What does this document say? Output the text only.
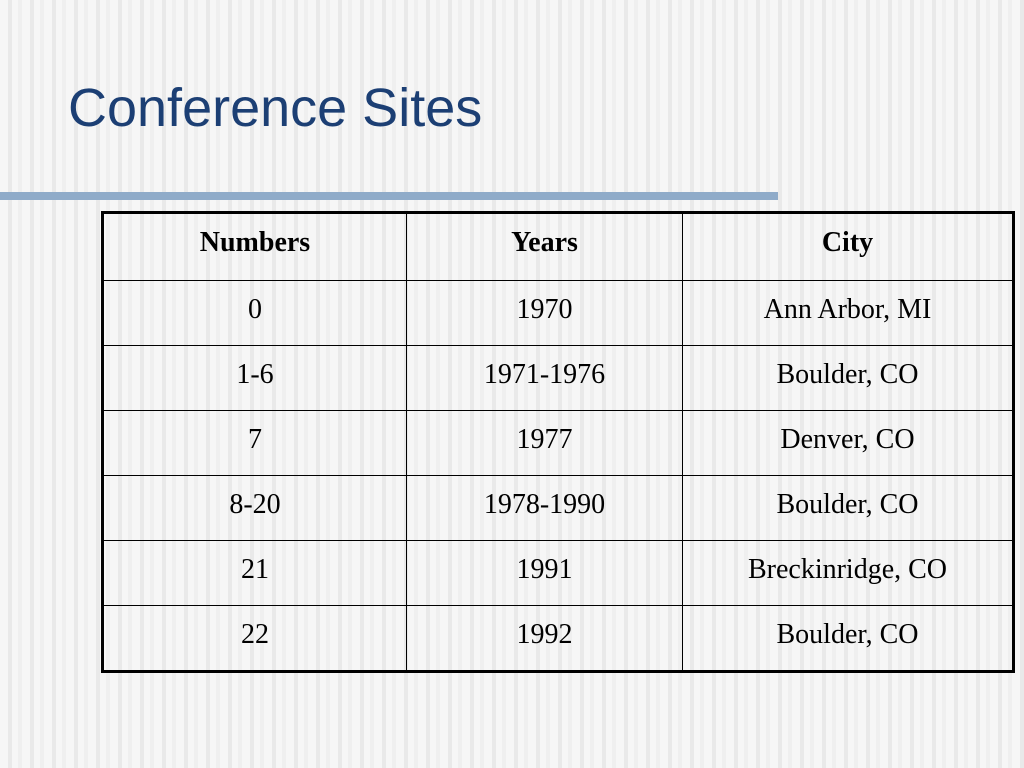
Conference Sites
Numbers	Years	City
0	1970	Ann Arbor, MI
1-6	1971-1976	Boulder, CO
7	1977	Denver, CO
8-20	1978-1990	Boulder, CO
21	1991	Breckinridge, CO
22	1992	Boulder, CO
